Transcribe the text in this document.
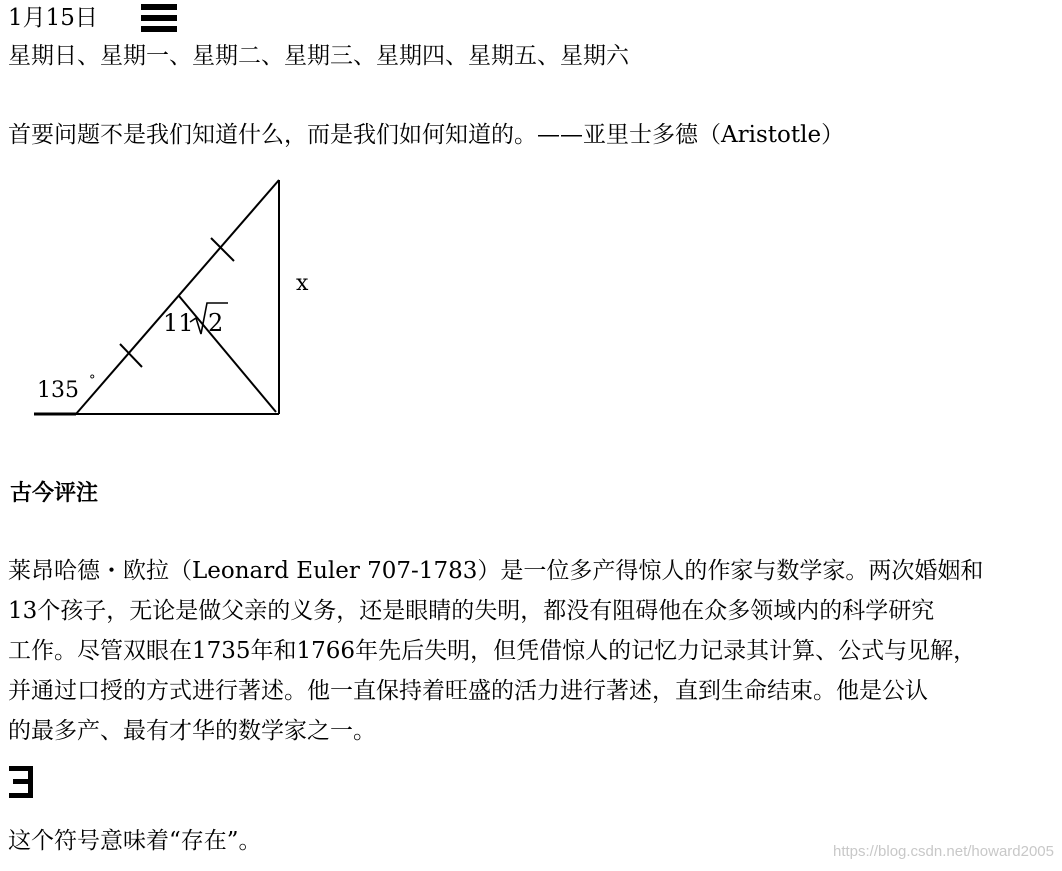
1月15日
星期日、星期一、星期二、星期三、星期四、星期五、星期六
首要问题不是我们知道什么，而是我们如何知道的。——亚里士多德（Aristotle）
135 °
11 2
x
古今评注
莱昂哈德・欧拉（Leonard Euler 707-1783）是一位多产得惊人的作家与数学家。两次婚姻和
13个孩子，无论是做父亲的义务，还是眼睛的失明，都没有阻碍他在众多领域内的科学研究
工作。尽管双眼在1735年和1766年先后失明，但凭借惊人的记忆力记录其计算、公式与见解，
并通过口授的方式进行著述。他一直保持着旺盛的活力进行著述，直到生命结束。他是公认
的最多产、最有才华的数学家之一。
这个符号意味着“存在”。	https://blog.csdn.net/howard2005
